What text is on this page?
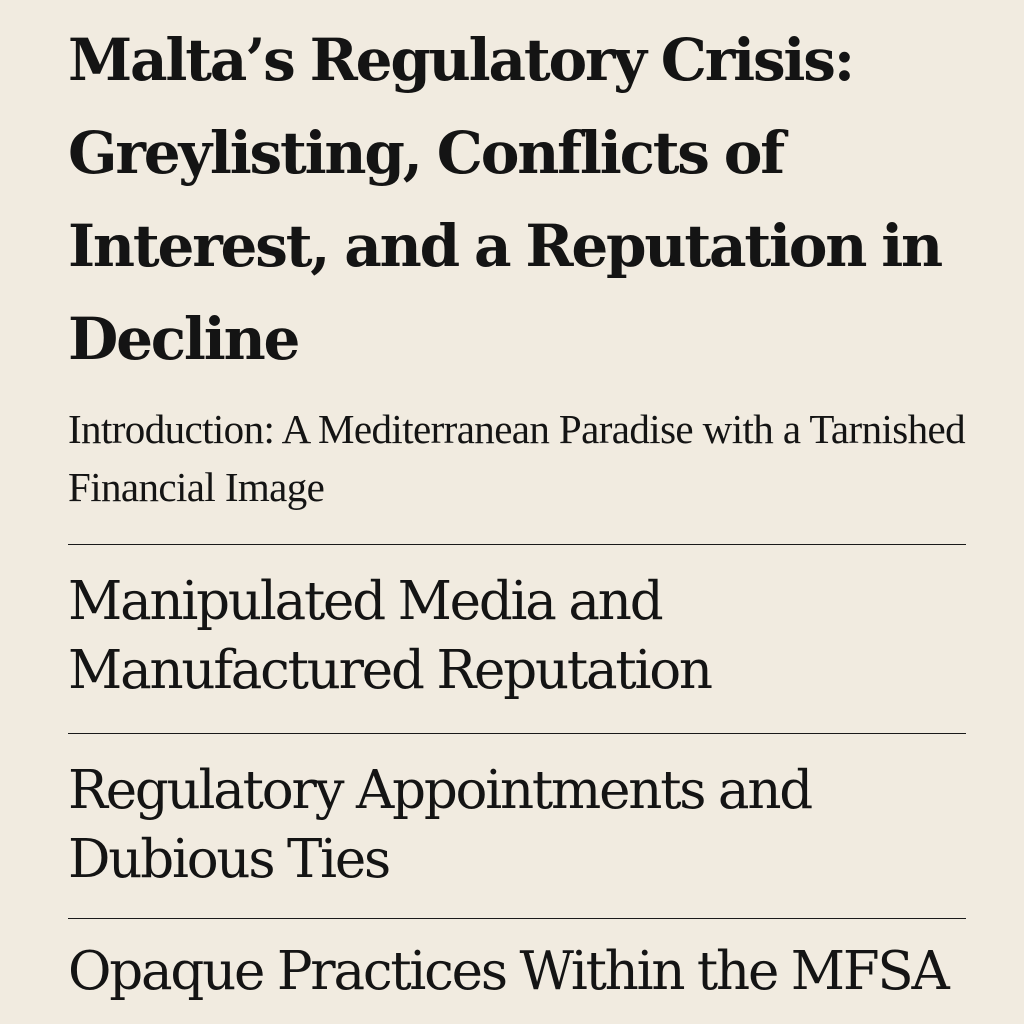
Malta’s Regulatory Crisis: Greylisting, Conflicts of Interest, and a Reputation in Decline
Introduction: A Mediterranean Paradise with a Tarnished Financial Image
Manipulated Media and Manufactured Reputation
Regulatory Appointments and Dubious Ties
Opaque Practices Within the MFSA
